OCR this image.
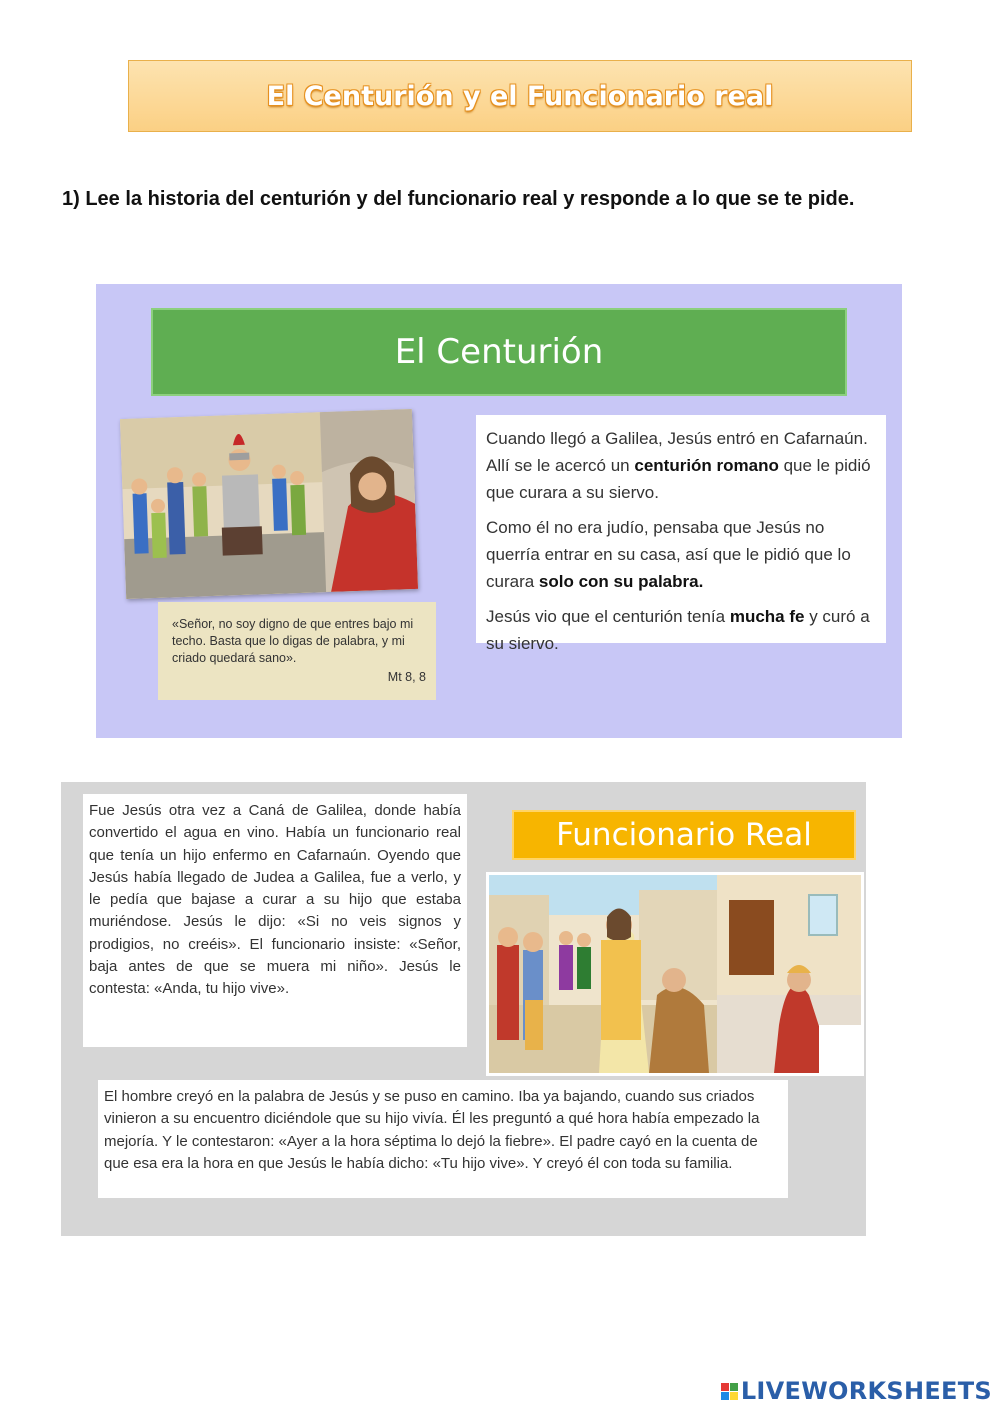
El Centurión y el Funcionario real

1) Lee la historia del centurión y del funcionario real y responde a lo que se te pide.

El Centurión
«Señor, no soy digno de que entres bajo mi techo. Basta que lo digas de palabra, y mi criado quedará sano».
Mt 8, 8

Cuando llegó a Galilea, Jesús entró en Cafarnaún. Allí se le acercó un centurión romano que le pidió que curara a su siervo.

Como él no era judío, pensaba que Jesús no querría entrar en su casa, así que le pidió que lo curara solo con su palabra.

Jesús vio que el centurión tenía mucha fe y curó a su siervo.

Fue Jesús otra vez a Caná de Galilea, donde había convertido el agua en vino. Había un funcionario real que tenía un hijo enfermo en Cafarnaún. Oyendo que Jesús había llegado de Judea a Galilea, fue a verlo, y le pedía que bajase a curar a su hijo que estaba muriéndose. Jesús le dijo: «Si no veis signos y prodigios, no creéis». El funcionario insiste: «Señor, baja antes de que se muera mi niño». Jesús le contesta: «Anda, tu hijo vive».
Funcionario Real
El hombre creyó en la palabra de Jesús y se puso en camino. Iba ya bajando, cuando sus criados vinieron a su encuentro diciéndole que su hijo vivía. Él les preguntó a qué hora había empezado la mejoría. Y le contestaron: «Ayer a la hora séptima lo dejó la fiebre». El padre cayó en la cuenta de que esa era la hora en que Jesús le había dicho: «Tu hijo vive». Y creyó él con toda su familia.
LIVEWORKSHEETS
